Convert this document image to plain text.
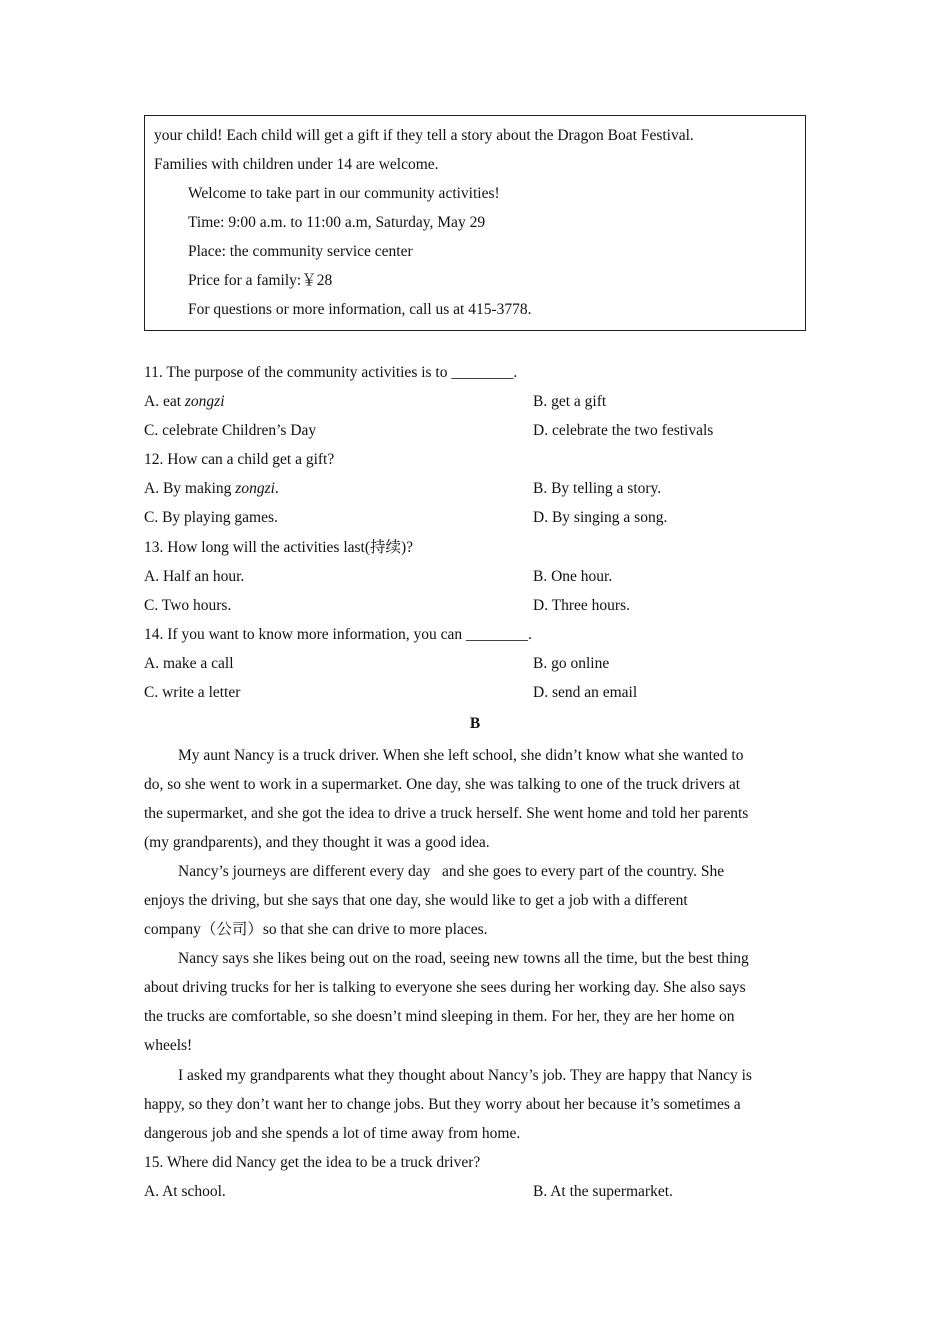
your child! Each child will get a gift if they tell a story about the Dragon Boat Festival.
Families with children under 14 are welcome.
Welcome to take part in our community activities!
Time: 9:00 a.m. to 11:00 a.m, Saturday, May 29
Place: the community service center
Price for a family:￥28
For questions or more information, call us at 415-3778.
11. The purpose of the community activities is to ________.
A. eat zongzi	B. get a gift
C. celebrate Children’s Day	D. celebrate the two festivals
12. How can a child get a gift?
A. By making zongzi.	B. By telling a story.
C. By playing games.	D. By singing a song.
13. How long will the activities last(持续)?
A. Half an hour.	B. One hour.
C. Two hours.	D. Three hours.
14. If you want to know more information, you can ________.
A. make a call	B. go online
C. write a letter	D. send an email
B
My aunt Nancy is a truck driver. When she left school, she didn’t know what she wanted to
do, so she went to work in a supermarket. One day, she was talking to one of the truck drivers at
the supermarket, and she got the idea to drive a truck herself. She went home and told her parents
(my grandparents), and they thought it was a good idea.
Nancy’s journeys are different every day   and she goes to every part of the country. She
enjoys the driving, but she says that one day, she would like to get a job with a different
company（公司）so that she can drive to more places.
Nancy says she likes being out on the road, seeing new towns all the time, but the best thing
about driving trucks for her is talking to everyone she sees during her working day. She also says
the trucks are comfortable, so she doesn’t mind sleeping in them. For her, they are her home on
wheels!
I asked my grandparents what they thought about Nancy’s job. They are happy that Nancy is
happy, so they don’t want her to change jobs. But they worry about her because it’s sometimes a
dangerous job and she spends a lot of time away from home.
15. Where did Nancy get the idea to be a truck driver?
A. At school.	B. At the supermarket.
